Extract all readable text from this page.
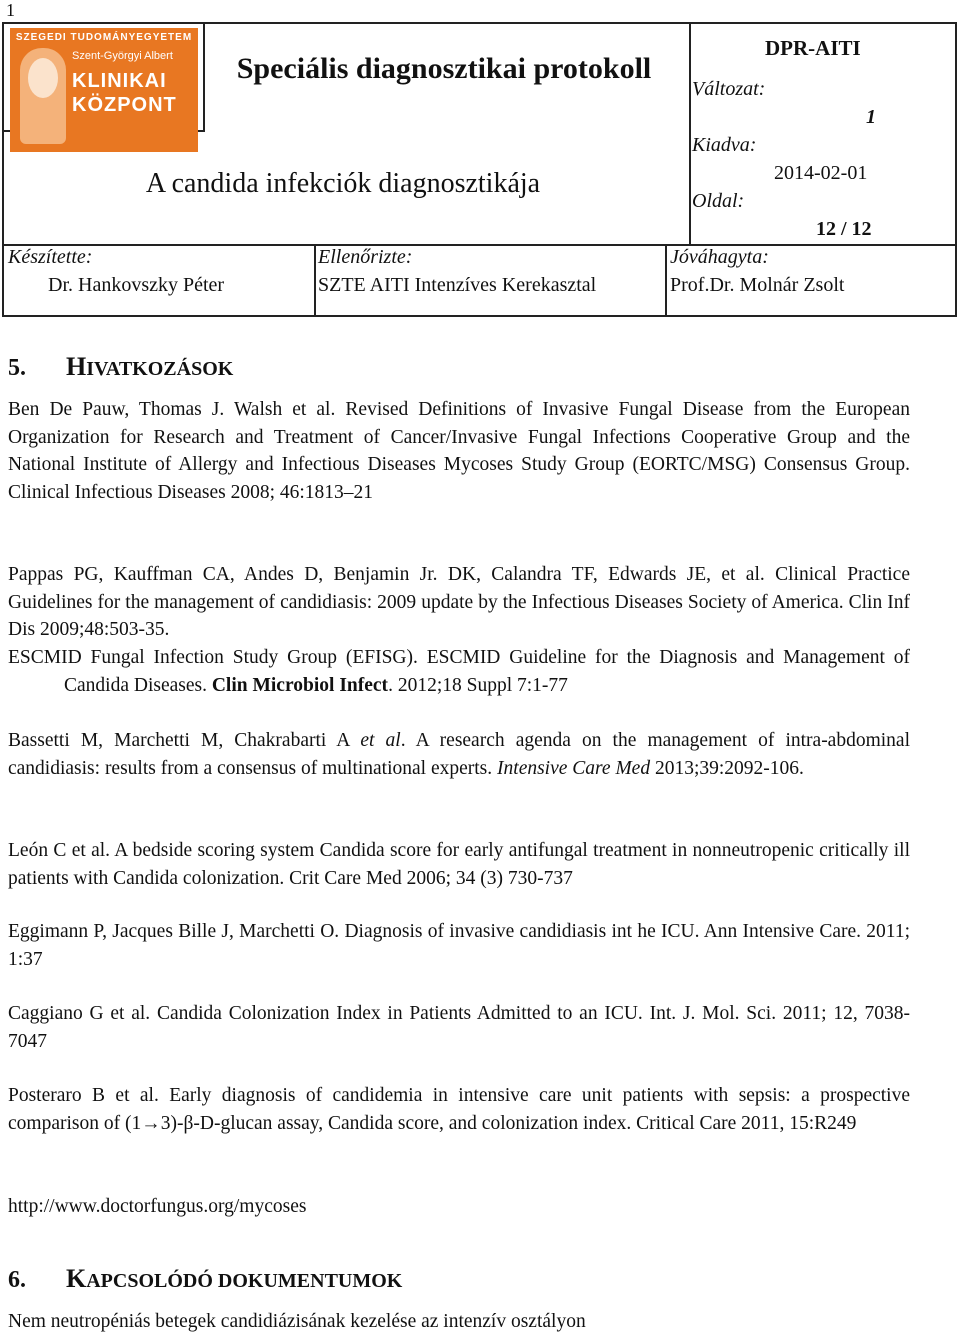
1
SZEGEDI TUDOMÁNYEGYETEM
Szent-Györgyi Albert
KLINIKAI
KÖZPONT
Speciális diagnosztikai protokoll
A candida infekciók diagnosztikája
DPR-AITI
Változat:
1
Kiadva:
2014-02-01
Oldal:
12 / 12
Készítette:
Dr. Hankovszky Péter
Ellenőrizte:
SZTE AITI Intenzíves Kerekasztal
Jóváhagyta:
Prof.Dr. Molnár Zsolt
5. HIVATKOZÁSOK
Ben De Pauw, Thomas J. Walsh et al. Revised Definitions of Invasive Fungal Disease from the European Organization for Research and Treatment of Cancer/Invasive Fungal Infections Cooperative Group and the National Institute of Allergy and Infectious Diseases Mycoses Study Group (EORTC/MSG) Consensus Group. Clinical Infectious Diseases 2008; 46:1813–21
Pappas PG, Kauffman CA, Andes D, Benjamin Jr. DK, Calandra TF, Edwards JE, et al. Clinical Practice Guidelines for the management of candidiasis: 2009 update by the Infectious Diseases Society of America. Clin Inf Dis 2009;48:503-35.
ESCMID Fungal Infection Study Group (EFISG). ESCMID Guideline for the Diagnosis and Management of Candida Diseases. Clin Microbiol Infect. 2012;18 Suppl 7:1-77
Bassetti M, Marchetti M, Chakrabarti A et al. A research agenda on the management of intra-abdominal candidiasis: results from a consensus of multinational experts. Intensive Care Med 2013;39:2092-106.
León C et al. A bedside scoring system Candida score for early antifungal treatment in nonneutropenic critically ill patients with Candida colonization. Crit Care Med 2006; 34 (3) 730-737
Eggimann P, Jacques Bille J, Marchetti O. Diagnosis of invasive candidiasis int he ICU. Ann Intensive Care. 2011; 1:37
Caggiano G et al. Candida Colonization Index in Patients Admitted to an ICU. Int. J. Mol. Sci. 2011; 12, 7038-7047
Posteraro B et al. Early diagnosis of candidemia in intensive care unit patients with sepsis: a prospective comparison of (1→3)-β-D-glucan assay, Candida score, and colonization index. Critical Care 2011, 15:R249
http://www.doctorfungus.org/mycoses
6. KAPCSOLÓDÓ DOKUMENTUMOK
Nem neutropéniás betegek candidiázisának kezelése az intenzív osztályon
